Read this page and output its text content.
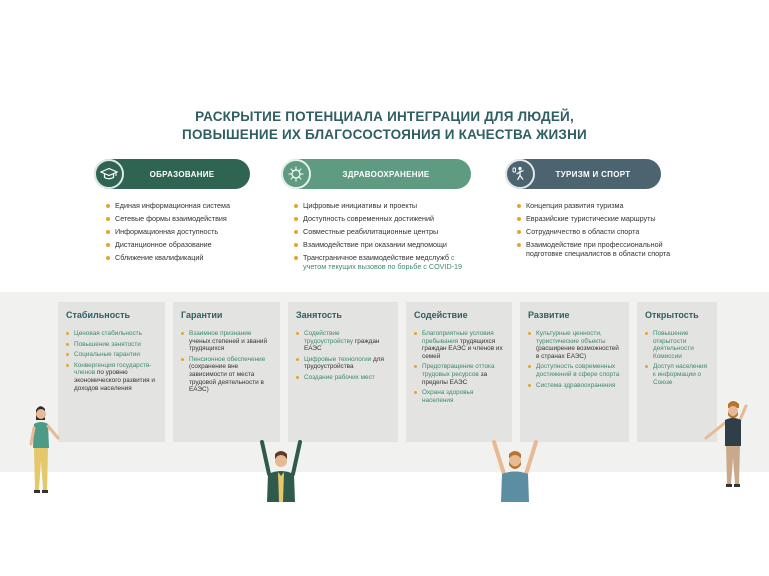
РАСКРЫТИЕ ПОТЕНЦИАЛА ИНТЕГРАЦИИ ДЛЯ ЛЮДЕЙ,
ПОВЫШЕНИЕ ИХ БЛАГОСОСТОЯНИЯ И КАЧЕСТВА ЖИЗНИ
ОБРАЗОВАНИЕ	ЗДРАВООХРАНЕНИЕ	ТУРИЗМ И СПОРТ
Единая информационная система
Сетевые формы взаимодействия
Информационная доступность
Дистанционное образование
Сближение квалификаций
Цифровые инициативы и проекты
Доступность современных достижений
Совместные реабилитационные центры
Взаимодействие при оказании медпомощи
Трансграничное взаимодействие медслужб с учетом текущих вызовов по борьбе с COVID-19
Концепция развития туризма
Евразийские туристические маршруты
Сотрудничество в области спорта
Взаимодействие при профессиональной подготовке специалистов в области спорта
Стабильность
Ценовая стабильность
Повышение занятости
Социальные гарантии
Конвергенция государств-членов по уровню экономического развития и доходов населения
Гарантии
Взаимное признание ученых степеней и званий трудящихся
Пенсионное обеспечение (сохранение вне зависимости от места трудовой деятельности в ЕАЭС)
Занятость
Содействие трудоустройству граждан ЕАЭС
Цифровые технологии для трудоустройства
Создание рабочих мест
Содействие
Благоприятные условия пребывания трудящихся граждан ЕАЭС и членов их семей
Предотвращение оттока трудовых ресурсов за пределы ЕАЭС
Охрана здоровья населения
Развитие
Культурные ценности, туристические объекты (расширение возможностей в странах ЕАЭС)
Доступность современных достижений в сфере спорта
Система здравоохранения
Открытость
Повышение открытости деятельности Комиссии
Доступ населения к информации о Союзе
